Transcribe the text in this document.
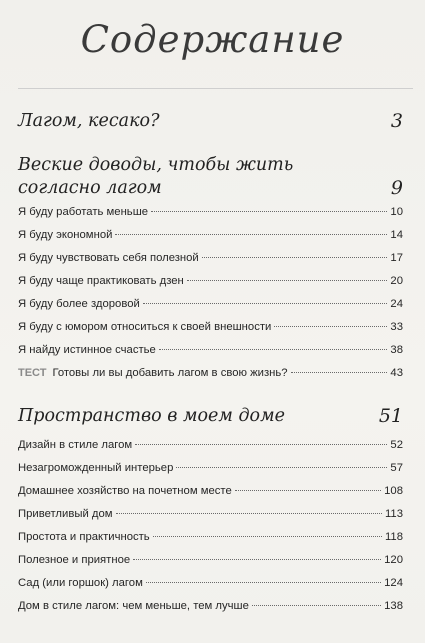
Содержание
Лагом, кесако?	3
Веские доводы, чтобы жить
согласно лагом	9
Я буду работать меньше	10
Я буду экономной	14
Я буду чувствовать себя полезной	17
Я буду чаще практиковать дзен	20
Я буду более здоровой	24
Я буду с юмором относиться к своей внешности	33
Я найду истинное счастье	38
ТЕСТ Готовы ли вы добавить лагом в свою жизнь?	43
Пространство в моем доме	51
Дизайн в стиле лагом	52
Незагроможденный интерьер	57
Домашнее хозяйство на почетном месте	108
Приветливый дом	113
Простота и практичность	118
Полезное и приятное	120
Сад (или горшок) лагом	124
Дом в стиле лагом: чем меньше, тем лучше	138
